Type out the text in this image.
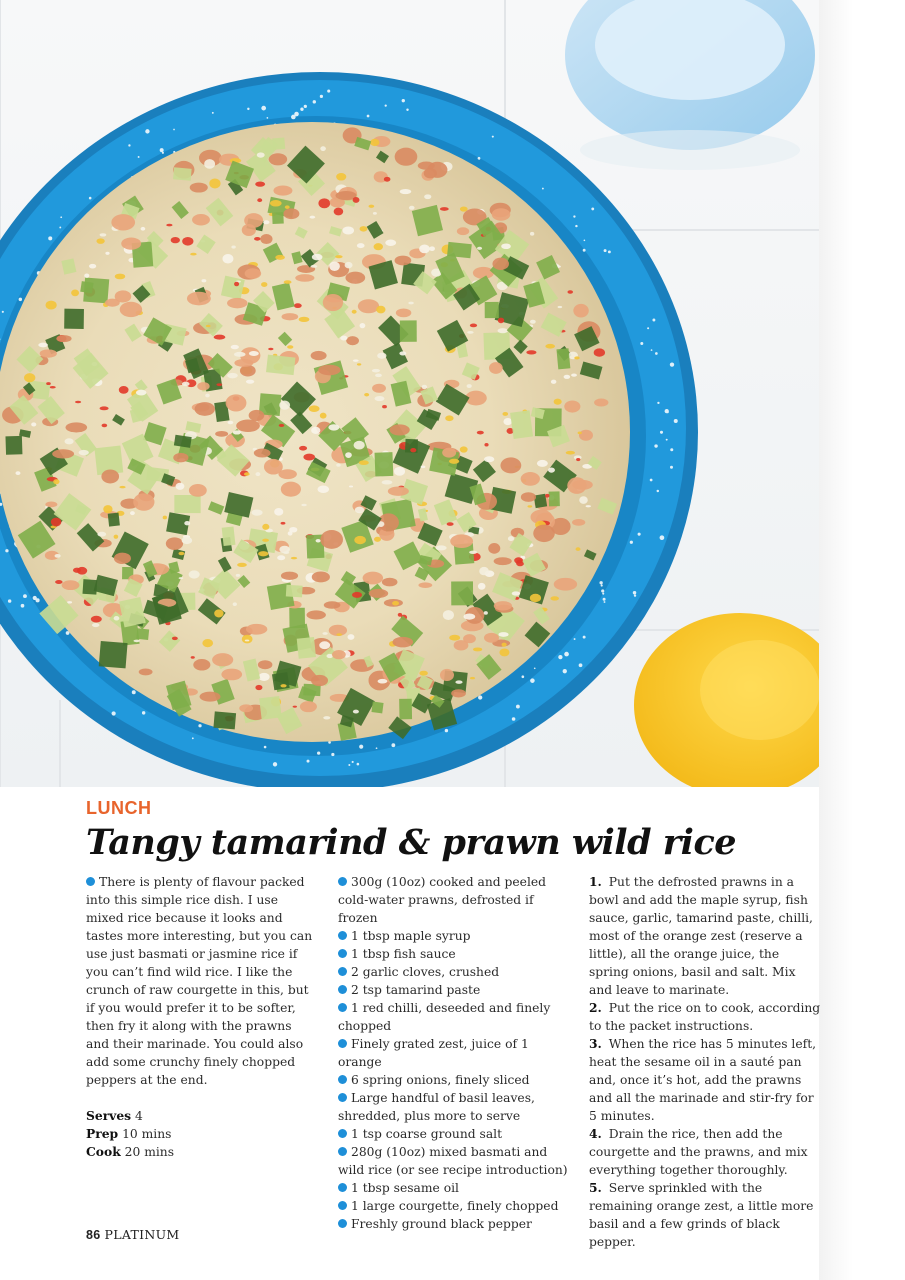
LUNCH
Tangy tamarind & prawn wild rice

There is plenty of flavour packed into this simple rice dish. I use mixed rice because it looks and tastes more interesting, but you can use just basmati or jasmine rice if you can’t find wild rice. I like the crunch of raw courgette in this, but if you would prefer it to be softer, then fry it along with the prawns and their marinade. You could also add some crunchy finely chopped peppers at the end.

Serves 4
Prep 10 mins
Cook 20 mins

300g (10oz) cooked and peeled cold-water prawns, defrosted if frozen

1 tbsp maple syrup

1 tbsp fish sauce

2 garlic cloves, crushed

2 tsp tamarind paste

1 red chilli, deseeded and finely chopped

Finely grated zest, juice of 1 orange

6 spring onions, finely sliced

Large handful of basil leaves, shredded, plus more to serve

1 tsp coarse ground salt

280g (10oz) mixed basmati and wild rice (or see recipe introduction)

1 tbsp sesame oil

1 large courgette, finely chopped

Freshly ground black pepper

1. Put the defrosted prawns in a bowl and add the maple syrup, fish sauce, garlic, tamarind paste, chilli, most of the orange zest (reserve a little), all the orange juice, the spring onions, basil and salt. Mix and leave to marinate.

2. Put the rice on to cook, according to the packet instructions.

3. When the rice has 5 minutes left, heat the sesame oil in a sauté pan and, once it’s hot, add the prawns and all the marinade and stir-fry for 5 minutes.

4. Drain the rice, then add the courgette and the prawns, and mix everything together thoroughly.

5. Serve sprinkled with the remaining orange zest, a little more basil and a few grinds of black pepper.

86 PLATINUM
